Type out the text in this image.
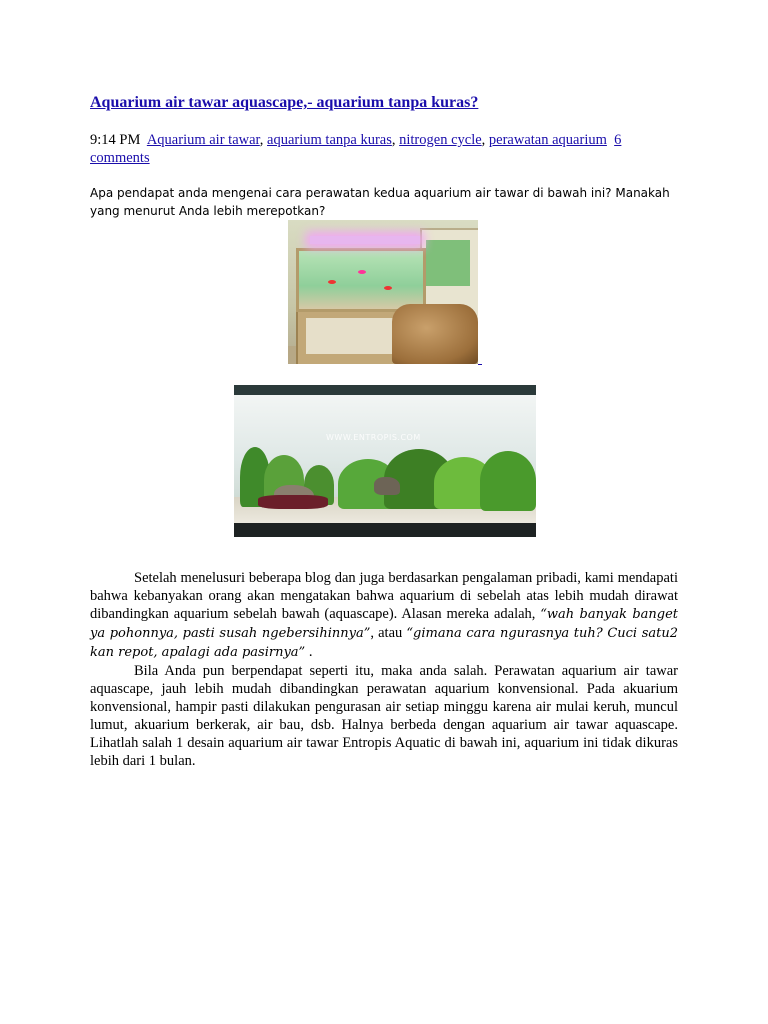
Aquarium air tawar aquascape,- aquarium tanpa kuras?
9:14 PM Aquarium air tawar, aquarium tanpa kuras, nitrogen cycle, perawatan aquarium 6 comments
Apa pendapat anda mengenai cara perawatan kedua aquarium air tawar di bawah ini? Manakah yang menurut Anda lebih merepotkan?
WWW.ENTROPIS.COM

Setelah menelusuri beberapa blog dan juga berdasarkan pengalaman pribadi, kami mendapati bahwa kebanyakan orang akan mengatakan bahwa aquarium di sebelah atas lebih mudah dirawat dibandingkan aquarium sebelah bawah (aquascape). Alasan mereka adalah, “wah banyak banget ya pohonnya, pasti susah ngebersihinnya”, atau “gimana cara ngurasnya tuh? Cuci satu2 kan repot, apalagi ada pasirnya” .

Bila Anda pun berpendapat seperti itu, maka anda salah. Perawatan aquarium air tawar aquascape, jauh lebih mudah dibandingkan perawatan aquarium konvensional. Pada akuarium konvensional, hampir pasti dilakukan pengurasan air setiap minggu karena air mulai keruh, muncul lumut, akuarium berkerak, air bau, dsb. Halnya berbeda dengan aquarium air tawar aquascape. Lihatlah salah 1 desain aquarium air tawar Entropis Aquatic di bawah ini, aquarium ini tidak dikuras lebih dari 1 bulan.
